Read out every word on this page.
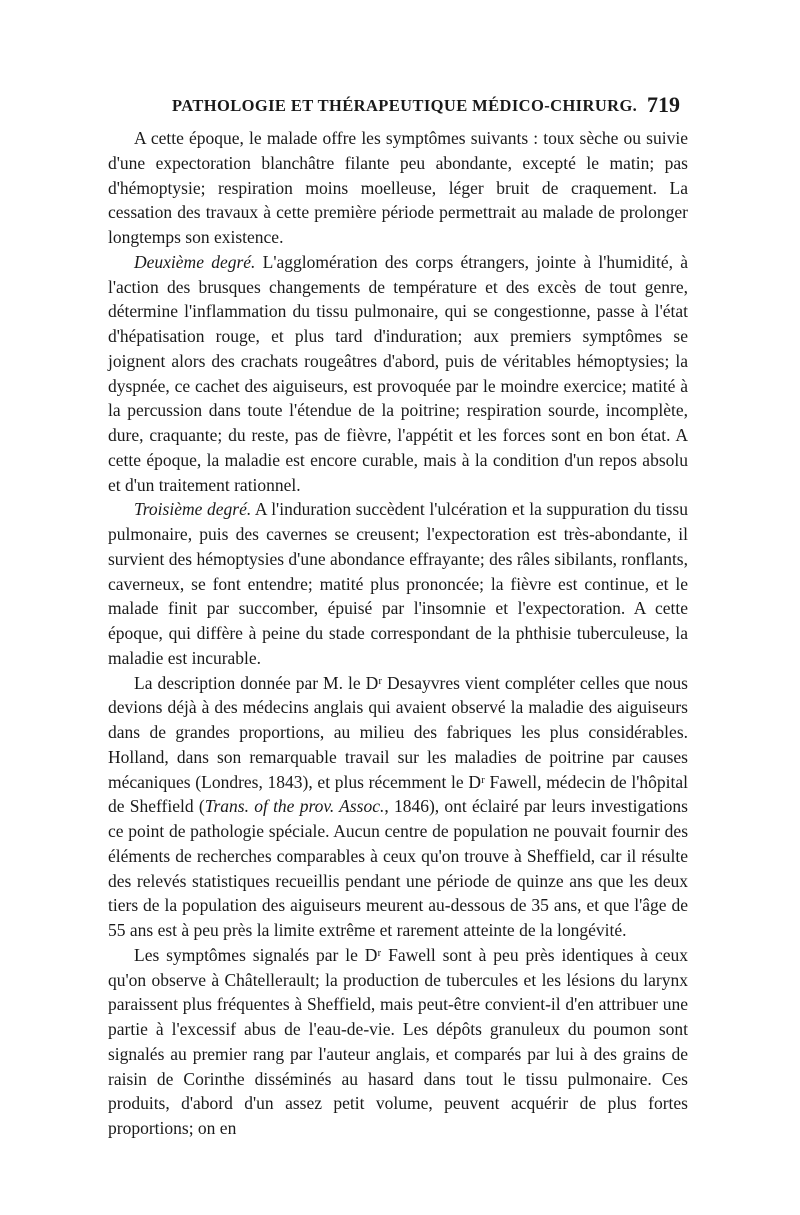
PATHOLOGIE ET THÉRAPEUTIQUE MÉDICO-CHIRURG. 719

A cette époque, le malade offre les symptômes suivants : toux sèche ou suivie d'une expectoration blanchâtre filante peu abondante, excepté le matin; pas d'hémoptysie; respiration moins moelleuse, léger bruit de craquement. La cessation des travaux à cette première période permettrait au malade de prolonger longtemps son existence.

Deuxième degré. L'agglomération des corps étrangers, jointe à l'humidité, à l'action des brusques changements de température et des excès de tout genre, détermine l'inflammation du tissu pulmonaire, qui se congestionne, passe à l'état d'hépatisation rouge, et plus tard d'induration; aux premiers symptômes se joignent alors des crachats rougeâtres d'abord, puis de véritables hémoptysies; la dyspnée, ce cachet des aiguiseurs, est provoquée par le moindre exercice; matité à la percussion dans toute l'étendue de la poitrine; respiration sourde, incomplète, dure, craquante; du reste, pas de fièvre, l'appétit et les forces sont en bon état. A cette époque, la maladie est encore curable, mais à la condition d'un repos absolu et d'un traitement rationnel.

Troisième degré. A l'induration succèdent l'ulcération et la suppuration du tissu pulmonaire, puis des cavernes se creusent; l'expectoration est très-abondante, il survient des hémoptysies d'une abondance effrayante; des râles sibilants, ronflants, caverneux, se font entendre; matité plus prononcée; la fièvre est continue, et le malade finit par succomber, épuisé par l'insomnie et l'expectoration. A cette époque, qui diffère à peine du stade correspondant de la phthisie tuberculeuse, la maladie est incurable.

La description donnée par M. le Dʳ Desayvres vient compléter celles que nous devions déjà à des médecins anglais qui avaient observé la maladie des aiguiseurs dans de grandes proportions, au milieu des fabriques les plus considérables. Holland, dans son remarquable travail sur les maladies de poitrine par causes mécaniques (Londres, 1843), et plus récemment le Dʳ Fawell, médecin de l'hôpital de Sheffield (Trans. of the prov. Assoc., 1846), ont éclairé par leurs investigations ce point de pathologie spéciale. Aucun centre de population ne pouvait fournir des éléments de recherches comparables à ceux qu'on trouve à Sheffield, car il résulte des relevés statistiques recueillis pendant une période de quinze ans que les deux tiers de la population des aiguiseurs meurent au-dessous de 35 ans, et que l'âge de 55 ans est à peu près la limite extrême et rarement atteinte de la longévité.

Les symptômes signalés par le Dʳ Fawell sont à peu près identiques à ceux qu'on observe à Châtellerault; la production de tubercules et les lésions du larynx paraissent plus fréquentes à Sheffield, mais peut-être convient-il d'en attribuer une partie à l'excessif abus de l'eau-de-vie. Les dépôts granuleux du poumon sont signalés au premier rang par l'auteur anglais, et comparés par lui à des grains de raisin de Corinthe disséminés au hasard dans tout le tissu pulmonaire. Ces produits, d'abord d'un assez petit volume, peuvent acquérir de plus fortes proportions; on en
